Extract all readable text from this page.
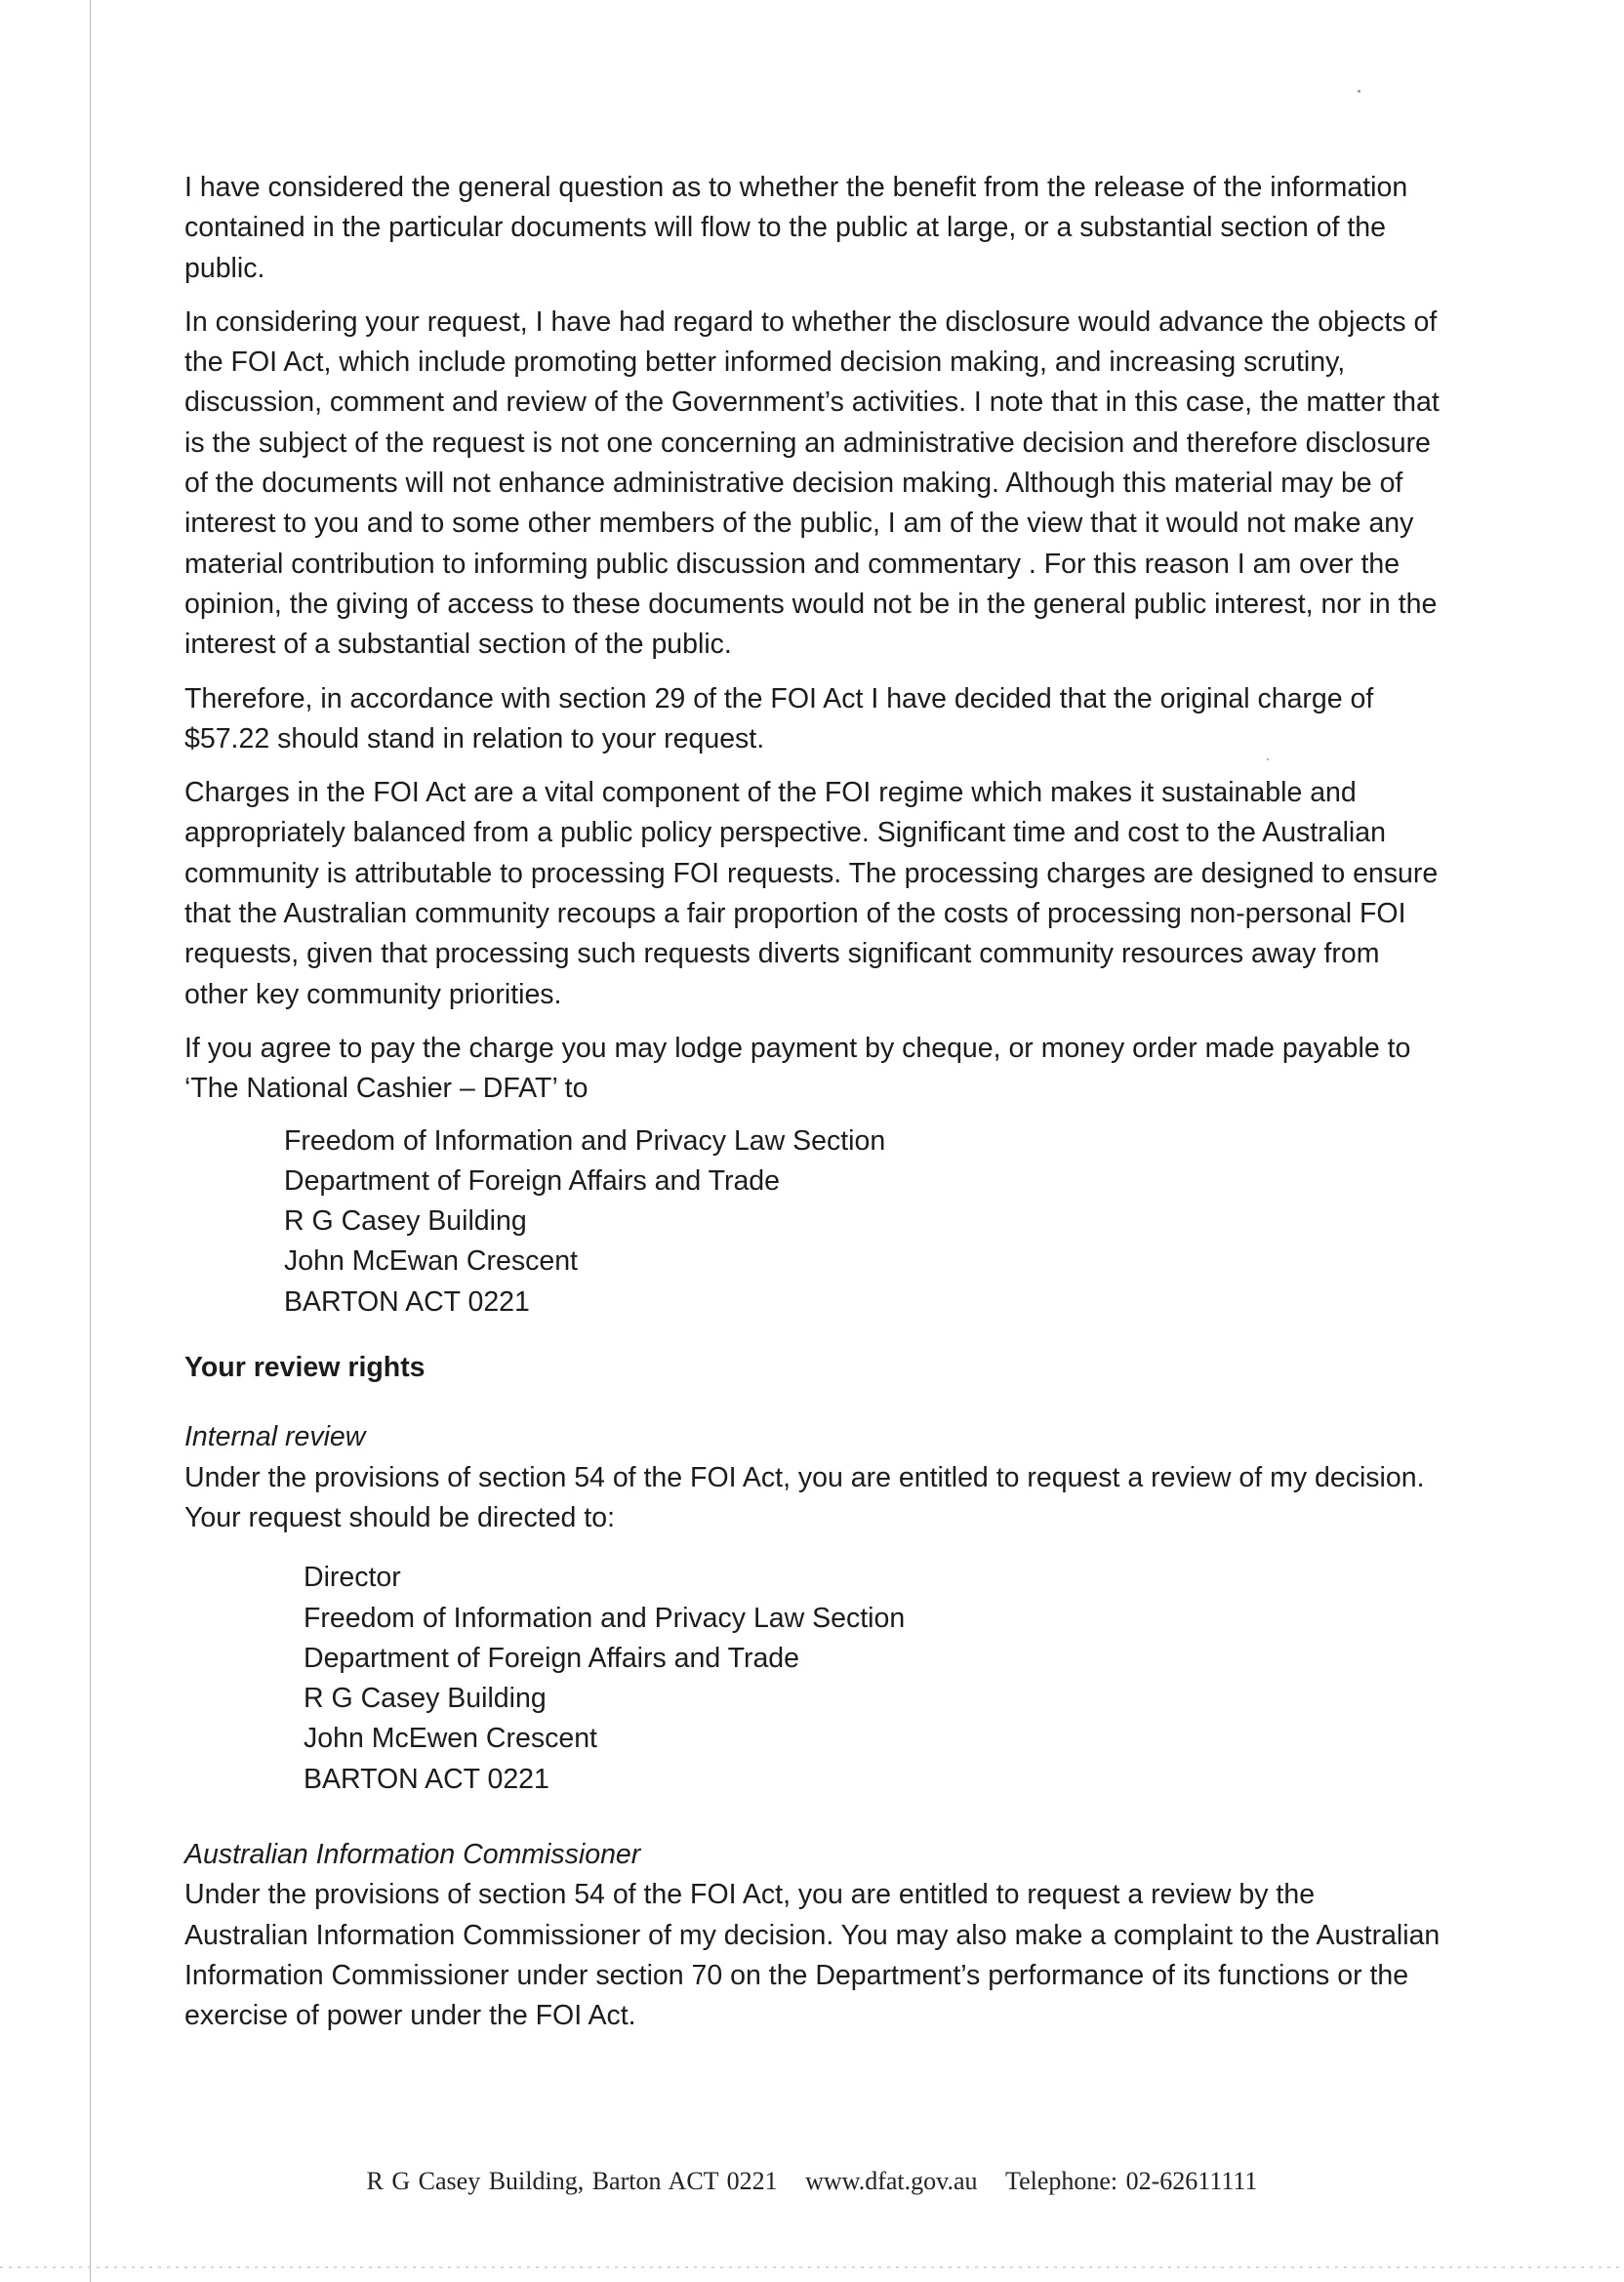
I have considered the general question as to whether the benefit from the release of the information contained in the particular documents will flow to the public at large, or a substantial section of the public.

In considering your request, I have had regard to whether the disclosure would advance the objects of the FOI Act, which include promoting better informed decision making, and increasing scrutiny, discussion, comment and review of the Government’s activities. I note that in this case, the matter that is the subject of the request is not one concerning an administrative decision and therefore disclosure of the documents will not enhance administrative decision making. Although this material may be of interest to you and to some other members of the public, I am of the view that it would not make any material contribution to informing public discussion and commentary . For this reason I am over the opinion, the giving of access to these documents would not be in the general public interest, nor in the interest of a substantial section of the public.

Therefore, in accordance with section 29 of the FOI Act I have decided that the original charge of $57.22 should stand in relation to your request.

Charges in the FOI Act are a vital component of the FOI regime which makes it sustainable and appropriately balanced from a public policy perspective. Significant time and cost to the Australian community is attributable to processing FOI requests. The processing charges are designed to ensure that the Australian community recoups a fair proportion of the costs of processing non-personal FOI requests, given that processing such requests diverts significant community resources away from other key community priorities.

If you agree to pay the charge you may lodge payment by cheque, or money order made payable to ‘The National Cashier – DFAT’ to

Freedom of Information and Privacy Law Section
Department of Foreign Affairs and Trade
R G Casey Building
John McEwan Crescent
BARTON ACT 0221
Your review rights
Internal review
Under the provisions of section 54 of the FOI Act, you are entitled to request a review of my decision. Your request should be directed to:
Director
Freedom of Information and Privacy Law Section
Department of Foreign Affairs and Trade
R G Casey Building
John McEwen Crescent
BARTON ACT 0221
Australian Information Commissioner
Under the provisions of section 54 of the FOI Act, you are entitled to request a review by the Australian Information Commissioner of my decision. You may also make a complaint to the Australian Information Commissioner under section 70 on the Department’s performance of its functions or the exercise of power under the FOI Act.
R G Casey Building, Barton ACT 0221 www.dfat.gov.au Telephone: 02-62611111
